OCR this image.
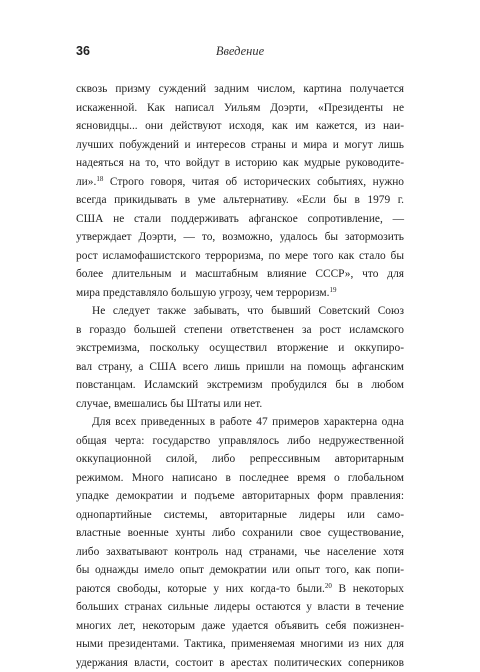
36	Введение
сквозь призму суждений задним числом, картина получается
искаженной. Как написал Уильям Доэрти, «Президенты не
ясновидцы... они действуют исходя, как им кажется, из наи-
лучших побуждений и интересов страны и мира и могут лишь
надеяться на то, что войдут в историю как мудрые руководите-
ли».$^{18}$ Строго говоря, читая об исторических событиях, нужно
всегда прикидывать в уме альтернативу. «Если бы в 1979 г.
США не стали поддерживать афганское сопротивление, —
утверждает Доэрти, — то, возможно, удалось бы затормозить
рост исламофашистского терроризма, по мере того как стало бы
более длительным и масштабным влияние СССР», что для
мира представляло большую угрозу, чем терроризм.$^{19}$
Не следует также забывать, что бывший Советский Союз
в гораздо большей степени ответственен за рост исламского
экстремизма, поскольку осуществил вторжение и оккупиро-
вал страну, а США всего лишь пришли на помощь афганским
повстанцам. Исламский экстремизм пробудился бы в любом
случае, вмешались бы Штаты или нет.
Для всех приведенных в работе 47 примеров характерна одна
общая черта: государство управлялось либо недружественной
оккупационной силой, либо репрессивным авторитарным
режимом. Много написано в последнее время о глобальном
упадке демократии и подъеме авторитарных форм правления:
однопартийные системы, авторитарные лидеры или само-
властные военные хунты либо сохранили свое существование,
либо захватывают контроль над странами, чье население хотя
бы однажды имело опыт демократии или опыт того, как попи-
раются свободы, которые у них когда-то были.$^{20}$ В некоторых
больших странах сильные лидеры остаются у власти в течение
многих лет, некоторым даже удается объявить себя пожизнен-
ными президентами. Тактика, применяемая многими из них для
удержания власти, состоит в арестах политических соперников
